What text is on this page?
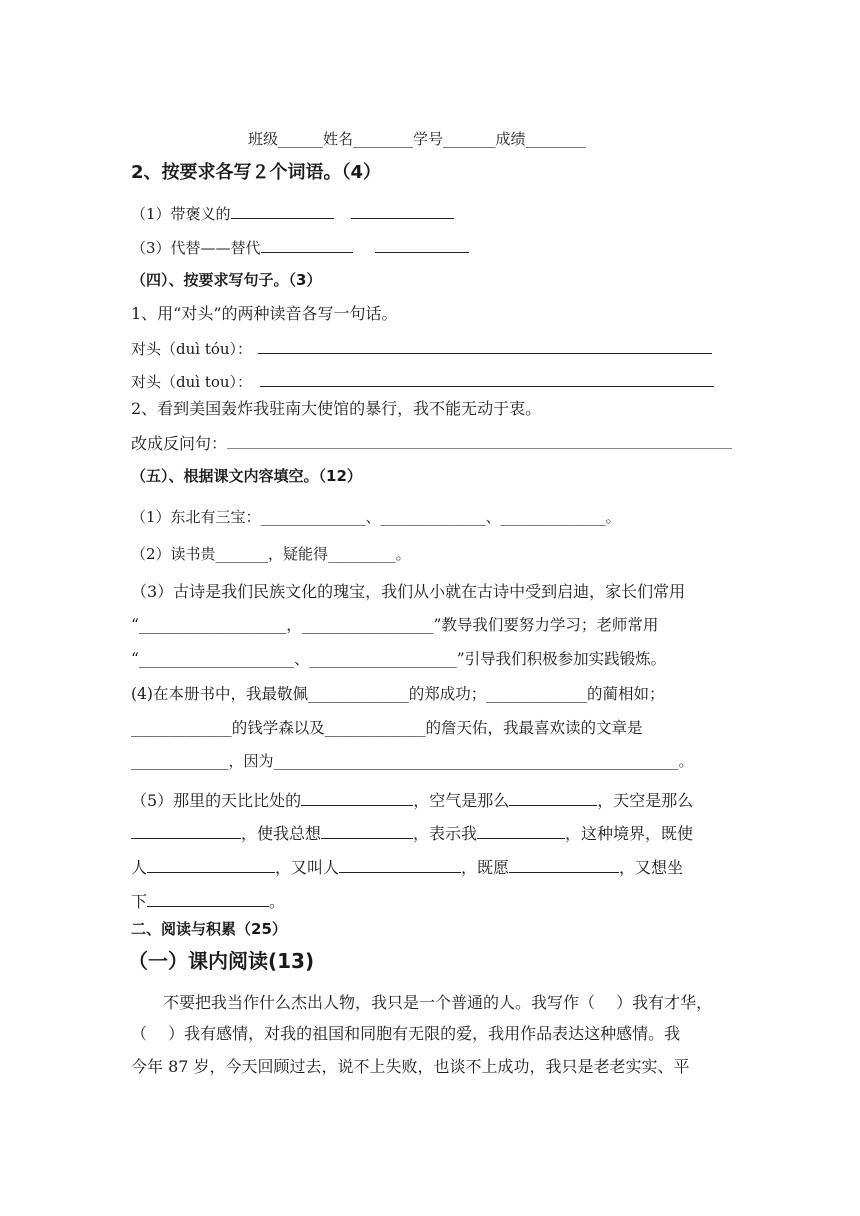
班级______姓名________学号_______成绩________
2、按要求各写２个词语。（4）
（1）带褒义的
（3）代替——替代
（四）、按要求写句子。（3）
1、用“对头”的两种读音各写一句话。
对头（duì tóu）：
对头（duì tou）：
2、看到美国轰炸我驻南大使馆的暴行，我不能无动于衷。
改成反问句：
（五）、根据课文内容填空。（12）
（1）东北有三宝：______________、______________、______________。
（2）读书贵_______，疑能得_________。
（3）古诗是我们民族文化的瑰宝，我们从小就在古诗中受到启迪，家长们常用
“___________________，_________________”教导我们要努力学习；老师常用
“____________________、___________________”引导我们积极参加实践锻炼。
(4)在本册书中，我最敬佩_____________的郑成功；_____________的蔺相如；
_____________的钱学森以及_____________的詹天佑，我最喜欢读的文章是
_____________，因为______________________________________________________。
（5）那里的天比比处的	，空气是那么	，天空是那么
，使我总想	，表示我	，这种境界，既使
人	，又叫人	，既愿	，又想坐
下	。
二、阅读与积累（25）
（一）课内阅读(13)
不要把我当作什么杰出人物，我只是一个普通的人。我写作（　 ）我有才华，
（　 ）我有感情，对我的祖国和同胞有无限的爱，我用作品表达这种感情。我
今年 87 岁，今天回顾过去，说不上失败，也谈不上成功，我只是老老实实、平
